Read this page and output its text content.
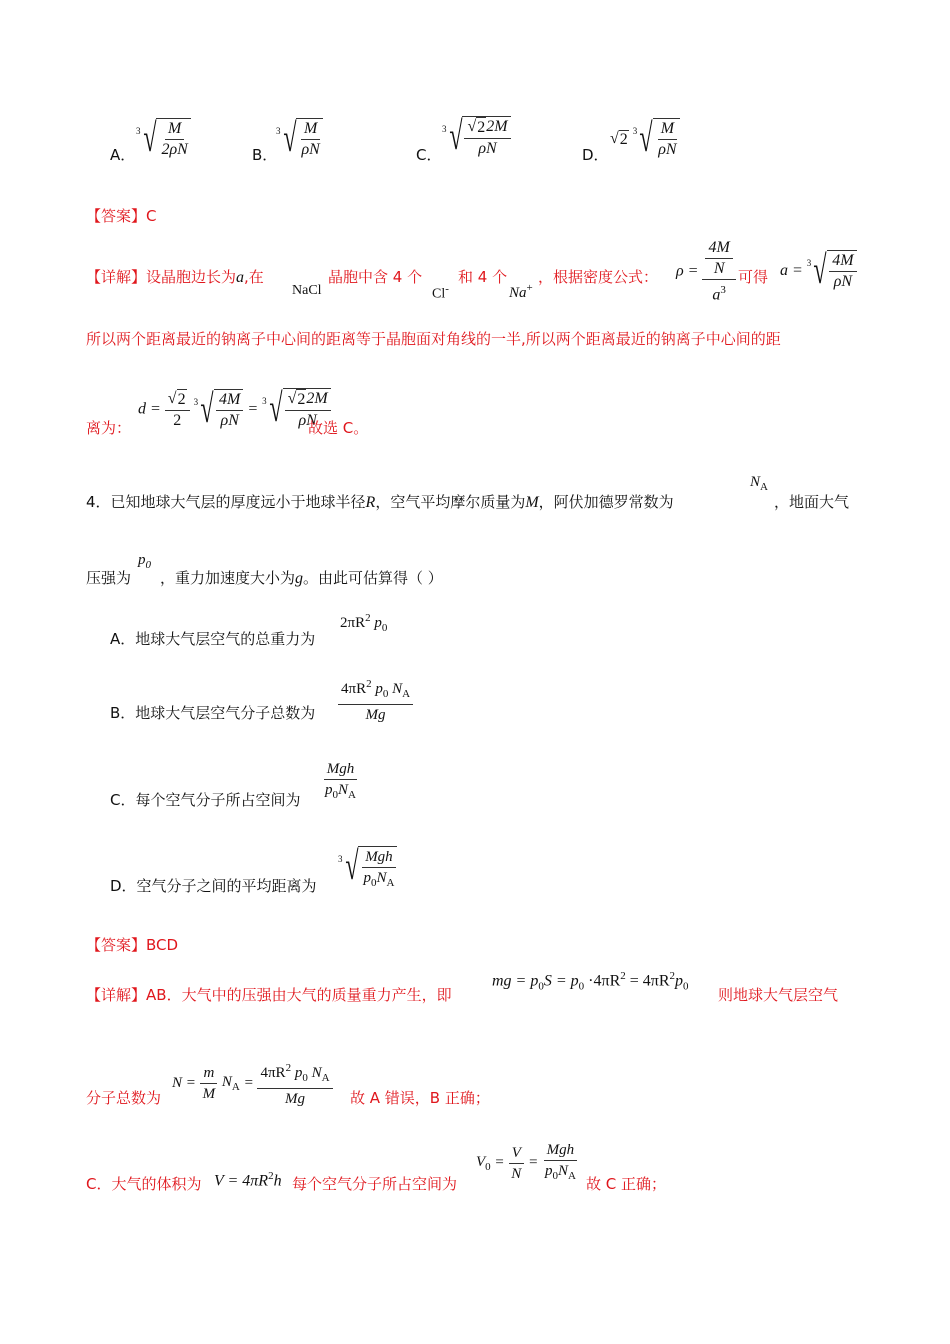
A．
3 √ $\frac{M}{2\rho N}$	B．
3 √ $\frac{M}{\rho N}$	C．
3 √ $\frac{√ 2 2M}{\rho N}$	D．
√ 2
3 √ $\frac{M}{\rho N}$
【答案】C
【详解】设晶胞边长为a,在
NaCl
晶胞中含 4 个
Cl-
和 4 个
Na+
，根据密度公式： $\rho = \frac{\frac{4M}{N}}{a^3}$ 可得 a = 3 √ $\frac{4M}{\rho N}$
所以两个距离最近的钠离子中心间的距离等于晶胞面对角线的一半,所以两个距离最近的钠离子中心间的距
离为：
$d = \frac{√ 2}{2}$
3 √ $\frac{4M}{\rho N} = 3$ √ $\frac{√ 2 2M}{\rho N}$
故选 C。
4．已知地球大气层的厚度远小于地球半径R，空气平均摩尔质量为M，阿伏加德罗常数为
$N_A$
，地面大气
压强为
$p_0$
，重力加速度大小为g。由此可估算得（ ）
A．地球大气层空气的总重力为
$2\pi R^2$ $p_0$
B．地球大气层空气分子总数为 $\frac{4\pi R^2 p_0 N_A}{Mg}$
C．每个空气分子所占空间为 $\frac{\text{Mgh}}{p_0N_A}$
D．空气分子之间的平均距离为
3 √ $\frac{\text{Mgh}}{p_0N_A}$
【答案】BCD
【详解】AB．大气中的压强由大气的质量重力产生，即
mg = $p_0S = p_0 \cdot 4\pi R^2 = 4\pi R^2p_0$ 则地球大气层空气
分子总数为
$N = \frac{m}{M} N_A = \frac{4\pi R^2 p_0 N_A}{Mg}$ 故 A 错误，B 正确；
C．大气的体积为 $V = 4\pi R^2h$ 每个空气分子所占空间为
$V_0 = \frac{V}{N} = \frac{\text{Mgh}}{p_0N_A}$ 故 C 正确；
